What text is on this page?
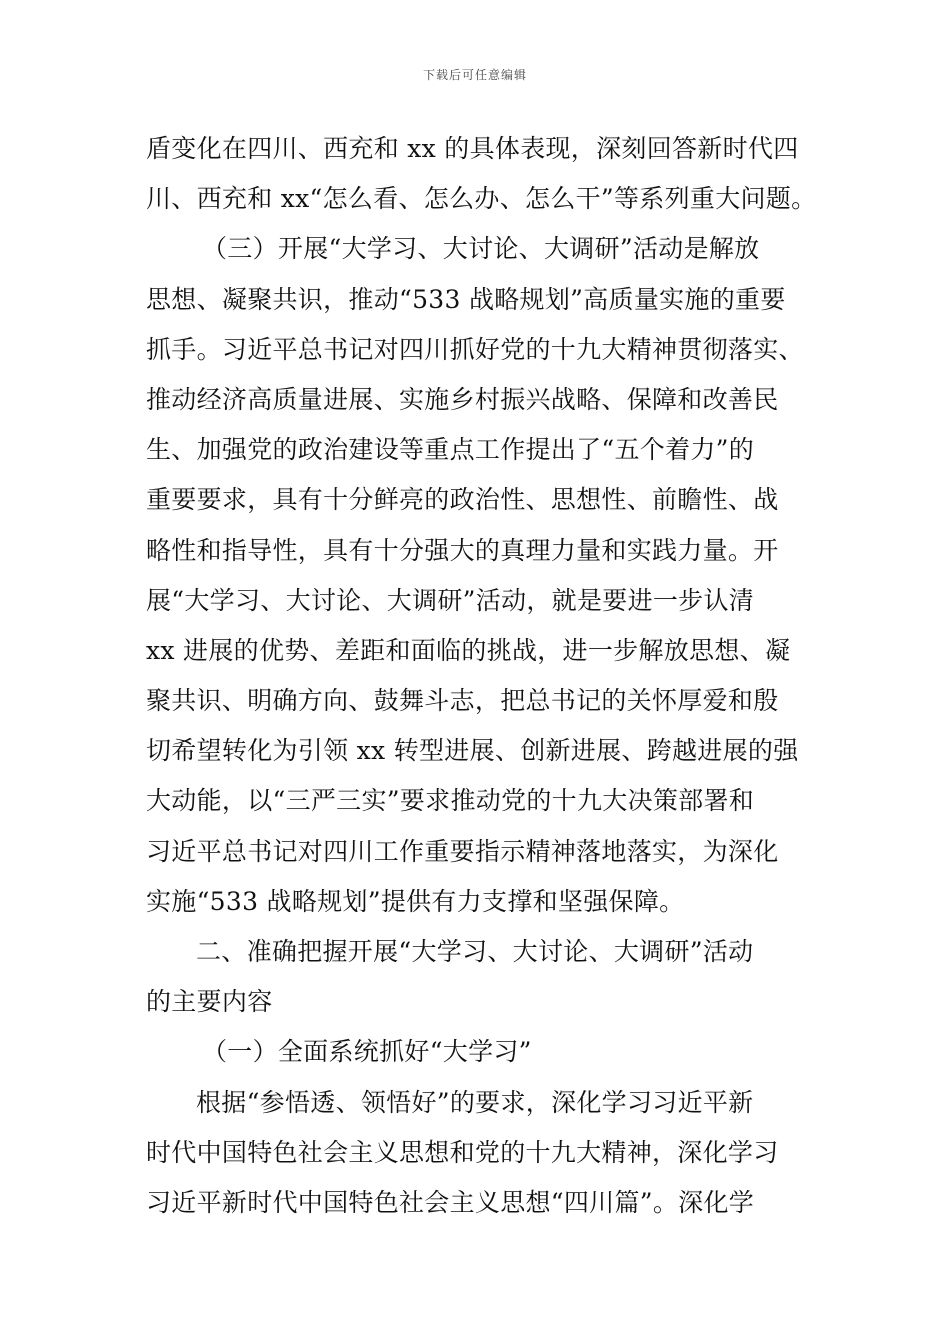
下载后可任意编辑
盾变化在四川、西充和 xx 的具体表现，深刻回答新时代四
川、西充和 xx“怎么看、怎么办、怎么干”等系列重大问题。
（三）开展“大学习、大讨论、大调研”活动是解放
思想、凝聚共识，推动“533 战略规划”高质量实施的重要
抓手。习近平总书记对四川抓好党的十九大精神贯彻落实、
推动经济高质量进展、实施乡村振兴战略、保障和改善民
生、加强党的政治建设等重点工作提出了“五个着力”的
重要要求，具有十分鲜亮的政治性、思想性、前瞻性、战
略性和指导性，具有十分强大的真理力量和实践力量。开
展“大学习、大讨论、大调研”活动，就是要进一步认清
xx 进展的优势、差距和面临的挑战，进一步解放思想、凝
聚共识、明确方向、鼓舞斗志，把总书记的关怀厚爱和殷
切希望转化为引领 xx 转型进展、创新进展、跨越进展的强
大动能，以“三严三实”要求推动党的十九大决策部署和
习近平总书记对四川工作重要指示精神落地落实，为深化
实施“533 战略规划”提供有力支撑和坚强保障。
二、准确把握开展“大学习、大讨论、大调研”活动
的主要内容
（一）全面系统抓好“大学习”
根据“参悟透、领悟好”的要求，深化学习习近平新
时代中国特色社会主义思想和党的十九大精神，深化学习
习近平新时代中国特色社会主义思想“四川篇”。深化学
